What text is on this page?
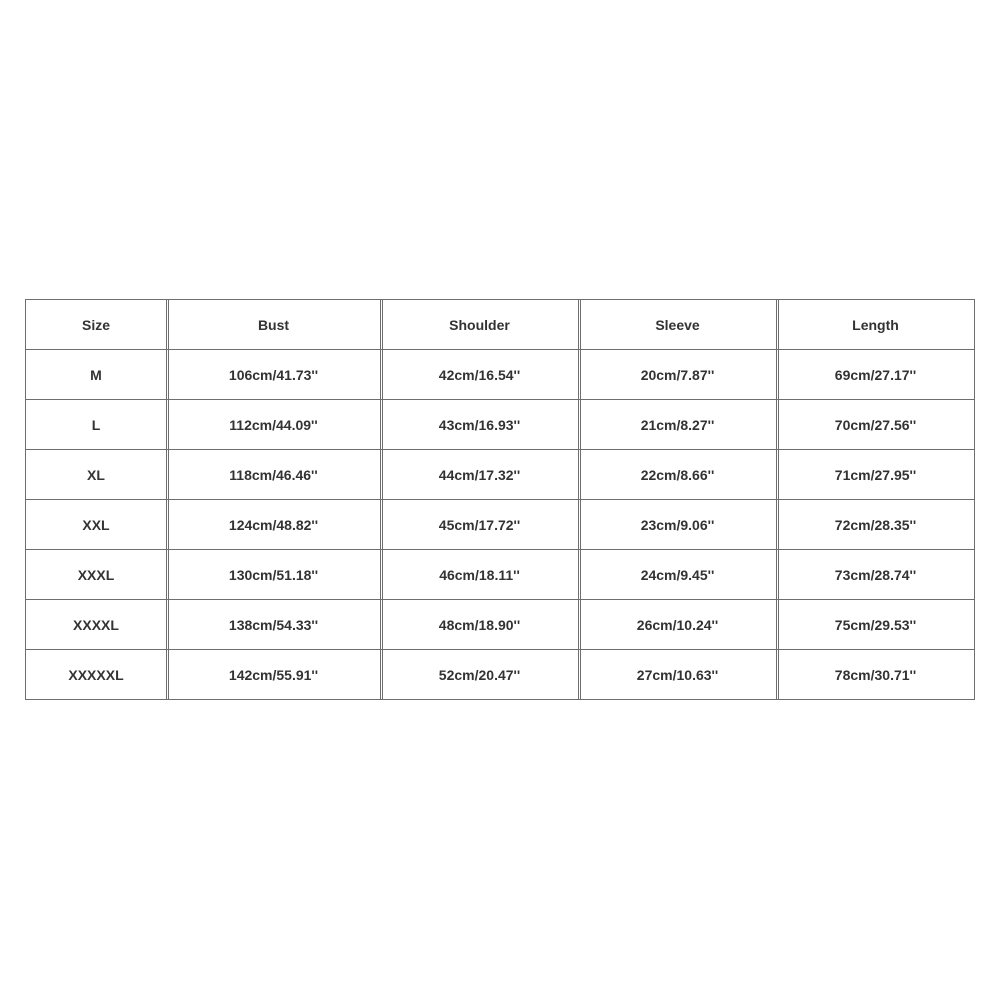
Size	Bust	Shoulder	Sleeve	Length
M	106cm/41.73''	42cm/16.54''	20cm/7.87''	69cm/27.17''
L	112cm/44.09''	43cm/16.93''	21cm/8.27''	70cm/27.56''
XL	118cm/46.46''	44cm/17.32''	22cm/8.66''	71cm/27.95''
XXL	124cm/48.82''	45cm/17.72''	23cm/9.06''	72cm/28.35''
XXXL	130cm/51.18''	46cm/18.11''	24cm/9.45''	73cm/28.74''
XXXXL	138cm/54.33''	48cm/18.90''	26cm/10.24''	75cm/29.53''
XXXXXL	142cm/55.91''	52cm/20.47''	27cm/10.63''	78cm/30.71''
